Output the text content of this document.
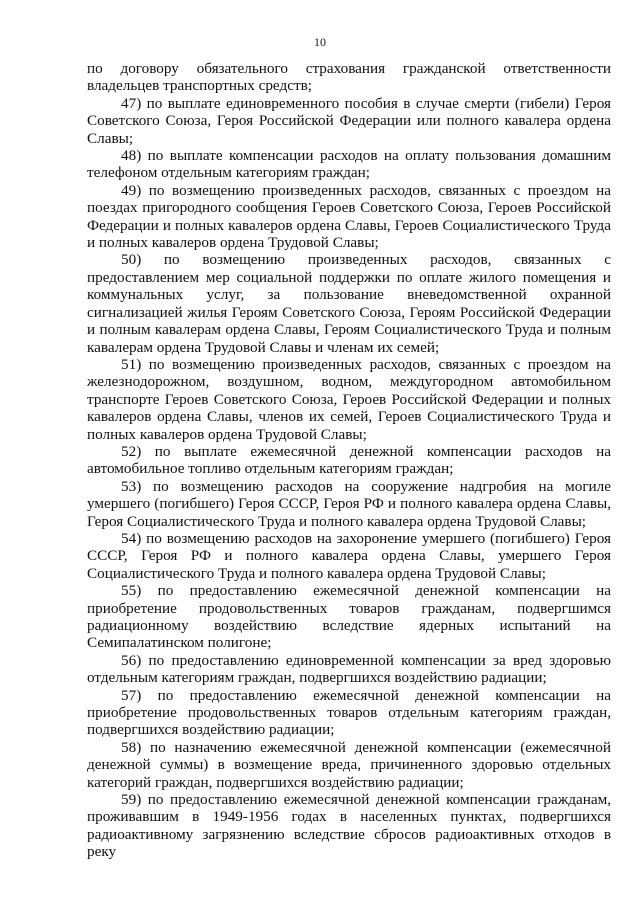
10

по договору обязательного страхования гражданской ответственности владельцев транспортных средств;

47) по выплате единовременного пособия в случае смерти (гибели) Героя Советского Союза, Героя Российской Федерации или полного кавалера ордена Славы;

48) по выплате компенсации расходов на оплату пользования домашним телефоном отдельным категориям граждан;

49) по возмещению произведенных расходов, связанных с проездом на поездах пригородного сообщения Героев Советского Союза, Героев Российской Федерации и полных кавалеров ордена Славы, Героев Социалистического Труда и полных кавалеров ордена Трудовой Славы;

50) по возмещению произведенных расходов, связанных с предоставлением мер социальной поддержки по оплате жилого помещения и коммунальных услуг, за пользование вневедомственной охранной сигнализацией жилья Героям Советского Союза, Героям Российской Федерации и полным кавалерам ордена Славы, Героям Социалистического Труда и полным кавалерам ордена Трудовой Славы и членам их семей;

51) по возмещению произведенных расходов, связанных с проездом на железнодорожном, воздушном, водном, междугородном автомобильном транспорте Героев Советского Союза, Героев Российской Федерации и полных кавалеров ордена Славы, членов их семей, Героев Социалистического Труда и полных кавалеров ордена Трудовой Славы;

52) по выплате ежемесячной денежной компенсации расходов на автомобильное топливо отдельным категориям граждан;

53) по возмещению расходов на сооружение надгробия на могиле умершего (погибшего) Героя СССР, Героя РФ и полного кавалера ордена Славы, Героя Социалистического Труда и полного кавалера ордена Трудовой Славы;

54) по возмещению расходов на захоронение умершего (погибшего) Героя СССР, Героя РФ и полного кавалера ордена Славы, умершего Героя Социалистического Труда и полного кавалера ордена Трудовой Славы;

55) по предоставлению ежемесячной денежной компенсации на приобретение продовольственных товаров гражданам, подвергшимся радиационному воздействию вследствие ядерных испытаний на Семипалатинском полигоне;

56) по предоставлению единовременной компенсации за вред здоровью отдельным категориям граждан, подвергшихся воздействию радиации;

57) по предоставлению ежемесячной денежной компенсации на приобретение продовольственных товаров отдельным категориям граждан, подвергшихся воздействию радиации;

58) по назначению ежемесячной денежной компенсации (ежемесячной денежной суммы) в возмещение вреда, причиненного здоровью отдельных категорий граждан, подвергшихся воздействию радиации;

59) по предоставлению ежемесячной денежной компенсации гражданам, проживавшим в 1949-1956 годах в населенных пунктах, подвергшихся радиоактивному загрязнению вследствие сбросов радиоактивных отходов в реку
